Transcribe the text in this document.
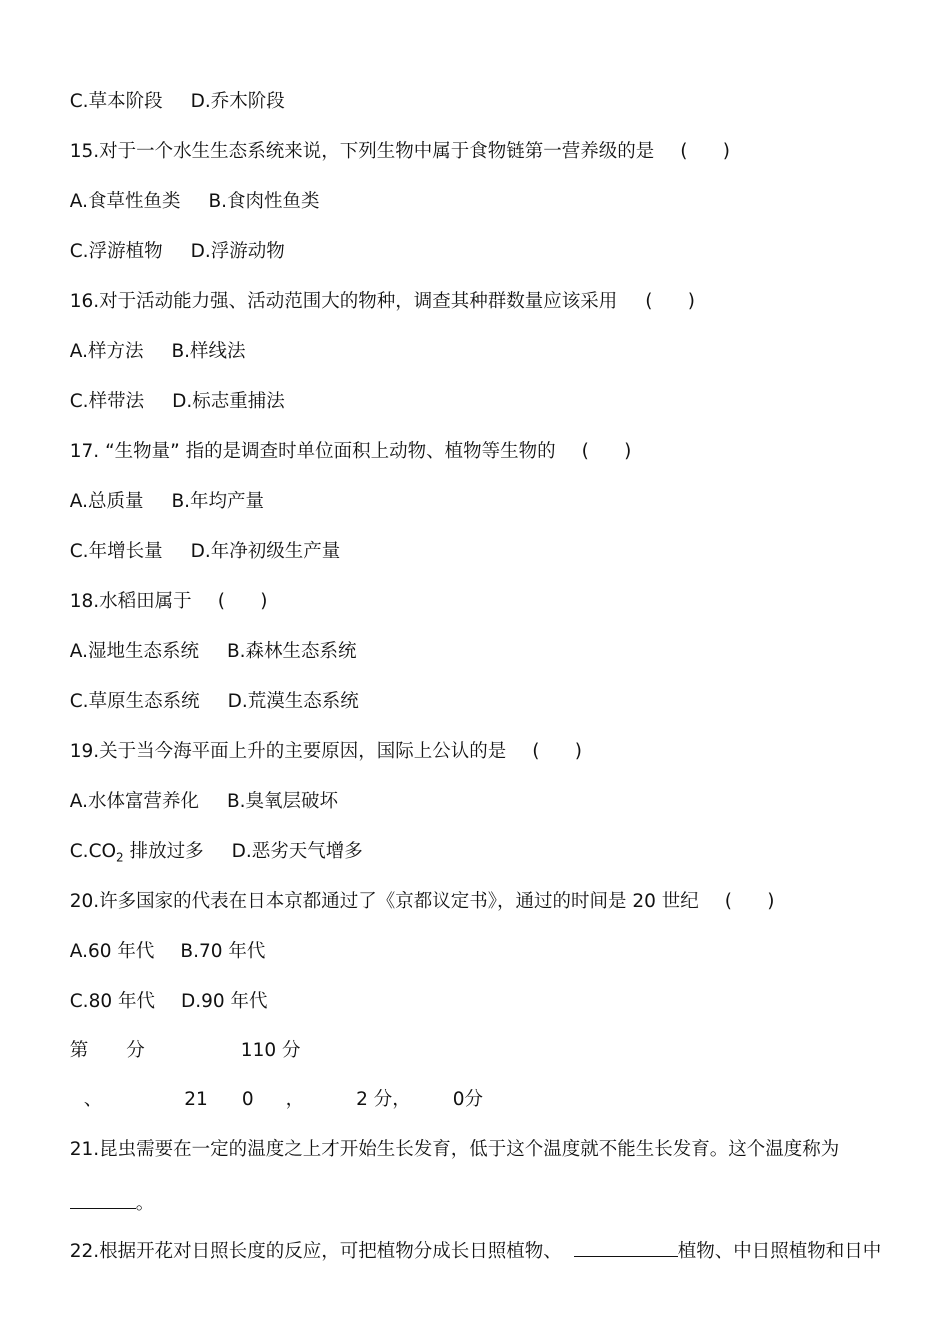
C.草本阶段 D.乔木阶段

15.对于一个水生生态系统来说，下列生物中属于食物链第一营养级的是 (      )

A.食草性鱼类 B.食肉性鱼类

C.浮游植物 D.浮游动物

16.对于活动能力强、活动范围大的物种，调查其种群数量应该采用 (      )

A.样方法 B.样线法

C.样带法 D.标志重捕法

17. “生物量” 指的是调查时单位面积上动物、植物等生物的 (      )

A.总质量 B.年均产量

C.年增长量 D.年净初级生产量

18.水稻田属于 (      )

A.湿地生态系统 B.森林生态系统

C.草原生态系统 D.荒漠生态系统

19.关于当今海平面上升的主要原因，国际上公认的是 (      )

A.水体富营养化 B.臭氧层破坏

$C.CO_2$ 排放过多 D.恶劣天气增多

20.许多国家的代表在日本京都通过了《京都议定书》，通过的时间是 20 世纪 (      )

A.60 年代 B.70 年代

C.80 年代 D.90 年代

第 分	110 分

、	21 0 ，	2 分， 0分

21.昆虫需要在一定的温度之上才开始生长发育，低于这个温度就不能生长发育。这个温度称为

。

22.根据开花对日照长度的反应，可把植物分成长日照植物、	植物、中日照植物和日中
